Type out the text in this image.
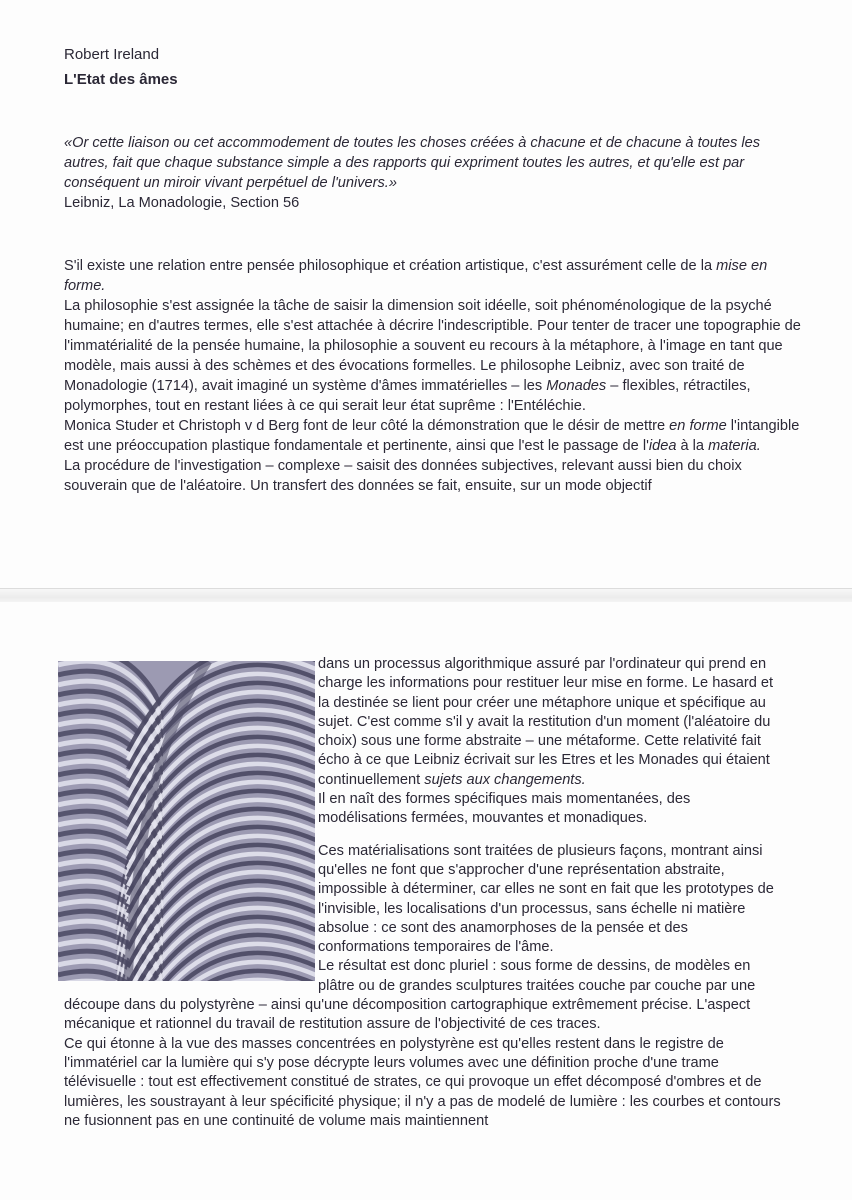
Robert Ireland

L'Etat des âmes
«Or cette liaison ou cet accommodement de toutes les choses créées à chacune et de chacune à toutes les autres, fait que chaque substance simple a des rapports qui expriment toutes les autres, et qu'elle est par conséquent un miroir vivant perpétuel de l'univers.»
Leibniz, La Monadologie, Section 56

S'il existe une relation entre pensée philosophique et création artistique, c'est assurément celle de la mise en forme.

La philosophie s'est assignée la tâche de saisir la dimension soit idéelle, soit phénoménologique de la psyché humaine; en d'autres termes, elle s'est attachée à décrire l'indescriptible. Pour tenter de tracer une topographie de l'immatérialité de la pensée humaine, la philosophie a souvent eu recours à la métaphore, à l'image en tant que modèle, mais aussi à des schèmes et des évocations formelles. Le philosophe Leibniz, avec son traité de Monadologie (1714), avait imaginé un système d'âmes immatérielles – les Monades – flexibles, rétractiles, polymorphes, tout en restant liées à ce qui serait leur état suprême : l'Entéléchie.

Monica Studer et Christoph v d Berg font de leur côté la démonstration que le désir de mettre en forme l'intangible est une préoccupation plastique fondamentale et pertinente, ainsi que l'est le passage de l'idea à la materia.

La procédure de l'investigation – complexe – saisit des données subjectives, relevant aussi bien du choix souverain que de l'aléatoire. Un transfert des données se fait, ensuite, sur un mode objectif

dans un processus algorithmique assuré par l'ordinateur qui prend en charge les informations pour restituer leur mise en forme. Le hasard et la destinée se lient pour créer une métaphore unique et spécifique au sujet. C'est comme s'il y avait la restitution d'un moment (l'aléatoire du choix) sous une forme abstraite – une métaforme. Cette relativité fait écho à ce que Leibniz écrivait sur les Etres et les Monades qui étaient continuellement sujets aux changements.

Il en naît des formes spécifiques mais momentanées, des modélisations fermées, mouvantes et monadiques.

Ces matérialisations sont traitées de plusieurs façons, montrant ainsi qu'elles ne font que s'approcher d'une représentation abstraite, impossible à déterminer, car elles ne sont en fait que les prototypes de l'invisible, les localisations d'un processus, sans échelle ni matière absolue : ce sont des anamorphoses de la pensée et des conformations temporaires de l'âme.

Le résultat est donc pluriel : sous forme de dessins, de modèles en plâtre ou de grandes sculptures traitées couche par couche par une découpe dans du polystyrène – ainsi qu'une décomposition cartographique extrêmement précise. L'aspect mécanique et rationnel du travail de restitution assure de l'objectivité de ces traces.

Ce qui étonne à la vue des masses concentrées en polystyrène est qu'elles restent dans le registre de l'immatériel car la lumière qui s'y pose décrypte leurs volumes avec une définition proche d'une trame télévisuelle : tout est effectivement constitué de strates, ce qui provoque un effet décomposé d'ombres et de lumières, les soustrayant à leur spécificité physique; il n'y a pas de modelé de lumière : les courbes et contours ne fusionnent pas en une continuité de volume mais maintiennent
